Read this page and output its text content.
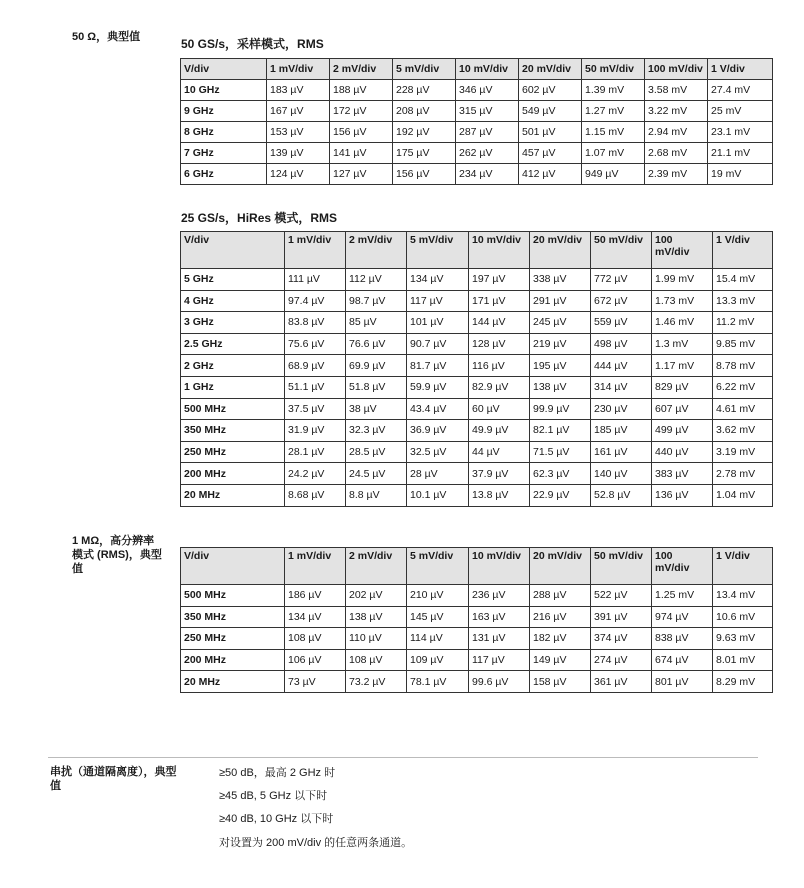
50 Ω，典型值	50 GS/s，采样模式，RMS
V/div	1 mV/div	2 mV/div	5 mV/div	10 mV/div	20 mV/div	50 mV/div	100 mV/div	1 V/div
10 GHz	183 µV	188 µV	228 µV	346 µV	602 µV	1.39 mV	3.58 mV	27.4 mV
9 GHz	167 µV	172 µV	208 µV	315 µV	549 µV	1.27 mV	3.22 mV	25 mV
8 GHz	153 µV	156 µV	192 µV	287 µV	501 µV	1.15 mV	2.94 mV	23.1 mV
7 GHz	139 µV	141 µV	175 µV	262 µV	457 µV	1.07 mV	2.68 mV	21.1 mV
6 GHz	124 µV	127 µV	156 µV	234 µV	412 µV	949 µV	2.39 mV	19 mV
25 GS/s，HiRes 模式，RMS
V/div	1 mV/div	2 mV/div	5 mV/div	10 mV/div	20 mV/div	50 mV/div	100 mV/div	1 V/div
5 GHz	111 µV	112 µV	134 µV	197 µV	338 µV	772 µV	1.99 mV	15.4 mV
4 GHz	97.4 µV	98.7 µV	117 µV	171 µV	291 µV	672 µV	1.73 mV	13.3 mV
3 GHz	83.8 µV	85 µV	101 µV	144 µV	245 µV	559 µV	1.46 mV	11.2 mV
2.5 GHz	75.6 µV	76.6 µV	90.7 µV	128 µV	219 µV	498 µV	1.3 mV	9.85 mV
2 GHz	68.9 µV	69.9 µV	81.7 µV	116 µV	195 µV	444 µV	1.17 mV	8.78 mV
1 GHz	51.1 µV	51.8 µV	59.9 µV	82.9 µV	138 µV	314 µV	829 µV	6.22 mV
500 MHz	37.5 µV	38 µV	43.4 µV	60 µV	99.9 µV	230 µV	607 µV	4.61 mV
350 MHz	31.9 µV	32.3 µV	36.9 µV	49.9 µV	82.1 µV	185 µV	499 µV	3.62 mV
250 MHz	28.1 µV	28.5 µV	32.5 µV	44 µV	71.5 µV	161 µV	440 µV	3.19 mV
200 MHz	24.2 µV	24.5 µV	28 µV	37.9 µV	62.3 µV	140 µV	383 µV	2.78 mV
20 MHz	8.68 µV	8.8 µV	10.1 µV	13.8 µV	22.9 µV	52.8 µV	136 µV	1.04 mV
1 MΩ，高分辨率
模式 (RMS)，典型
值
V/div	1 mV/div	2 mV/div	5 mV/div	10 mV/div	20 mV/div	50 mV/div	100 mV/div	1 V/div
500 MHz	186 µV	202 µV	210 µV	236 µV	288 µV	522 µV	1.25 mV	13.4 mV
350 MHz	134 µV	138 µV	145 µV	163 µV	216 µV	391 µV	974 µV	10.6 mV
250 MHz	108 µV	110 µV	114 µV	131 µV	182 µV	374 µV	838 µV	9.63 mV
200 MHz	106 µV	108 µV	109 µV	117 µV	149 µV	274 µV	674 µV	8.01 mV
20 MHz	73 µV	73.2 µV	78.1 µV	99.6 µV	158 µV	361 µV	801 µV	8.29 mV
串扰（通道隔离度），典型
值
≥50 dB，最高 2 GHz 时
≥45 dB, 5 GHz 以下时
≥40 dB, 10 GHz 以下时
对设置为 200 mV/div 的任意两条通道。
